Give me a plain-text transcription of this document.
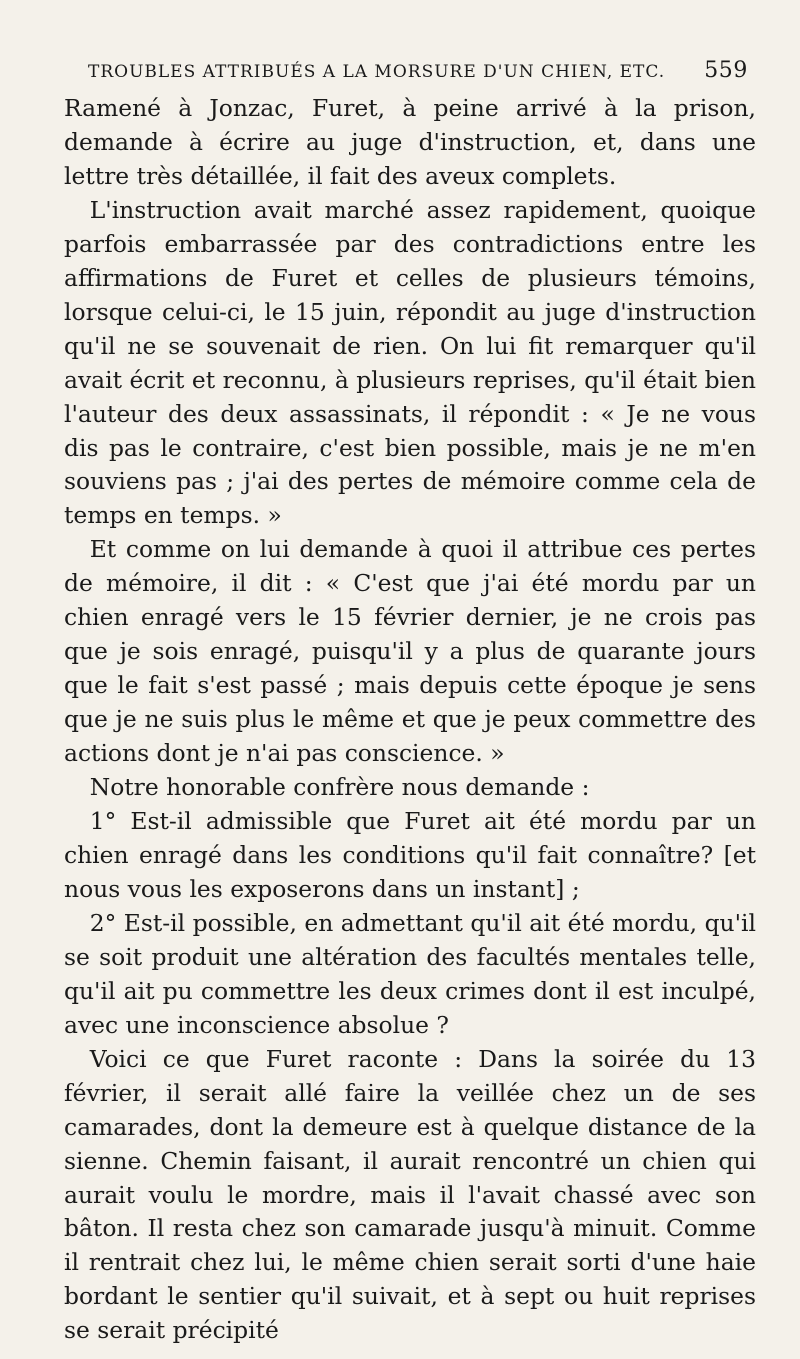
TROUBLES ATTRIBUÉS A LA MORSURE D'UN CHIEN, ETC. 559

Ramené à Jonzac, Furet, à peine arrivé à la prison, demande à écrire au juge d'instruction, et, dans une lettre très détaillée, il fait des aveux complets.

L'instruction avait marché assez rapidement, quoique parfois embarrassée par des contradictions entre les affirmations de Furet et celles de plusieurs témoins, lorsque celui-ci, le 15 juin, répondit au juge d'instruction qu'il ne se souvenait de rien. On lui fit remarquer qu'il avait écrit et reconnu, à plusieurs reprises, qu'il était bien l'auteur des deux assassinats, il répondit : « Je ne vous dis pas le contraire, c'est bien possible, mais je ne m'en souviens pas ; j'ai des pertes de mémoire comme cela de temps en temps. »

Et comme on lui demande à quoi il attribue ces pertes de mémoire, il dit : « C'est que j'ai été mordu par un chien enragé vers le 15 février dernier, je ne crois pas que je sois enragé, puisqu'il y a plus de quarante jours que le fait s'est passé ; mais depuis cette époque je sens que je ne suis plus le même et que je peux commettre des actions dont je n'ai pas conscience. »

Notre honorable confrère nous demande :

1° Est-il admissible que Furet ait été mordu par un chien enragé dans les conditions qu'il fait connaître? [et nous vous les exposerons dans un instant] ;

2° Est-il possible, en admettant qu'il ait été mordu, qu'il se soit produit une altération des facultés mentales telle, qu'il ait pu commettre les deux crimes dont il est inculpé, avec une inconscience absolue ?

Voici ce que Furet raconte : Dans la soirée du 13 février, il serait allé faire la veillée chez un de ses camarades, dont la demeure est à quelque distance de la sienne. Chemin faisant, il aurait rencontré un chien qui aurait voulu le mordre, mais il l'avait chassé avec son bâton. Il resta chez son camarade jusqu'à minuit. Comme il rentrait chez lui, le même chien serait sorti d'une haie bordant le sentier qu'il suivait, et à sept ou huit reprises se serait précipité
